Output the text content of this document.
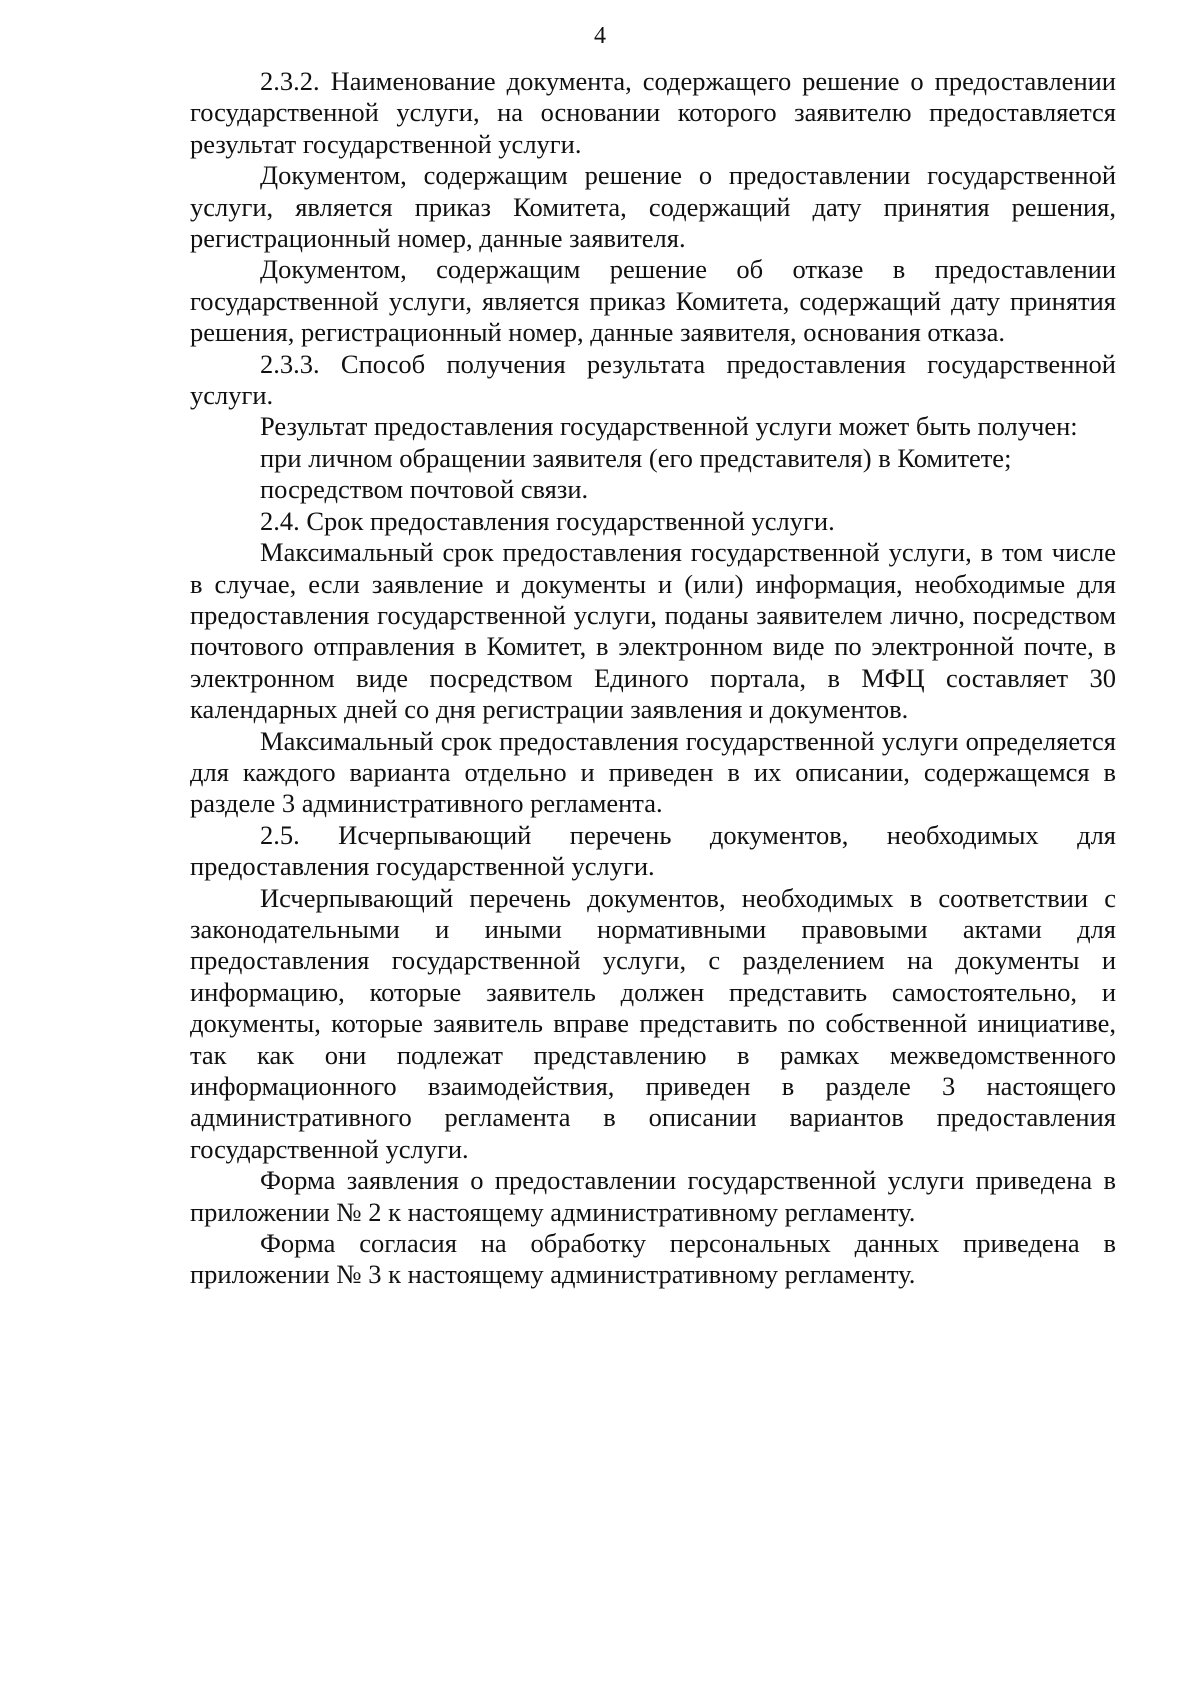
4

2.3.2. Наименование документа, содержащего решение о предоставлении государственной услуги, на основании которого заявителю предоставляется результат государственной услуги.

Документом, содержащим решение о предоставлении государственной услуги, является приказ Комитета, содержащий дату принятия решения, регистрационный номер, данные заявителя.

Документом, содержащим решение об отказе в предоставлении государственной услуги, является приказ Комитета, содержащий дату принятия решения, регистрационный номер, данные заявителя, основания отказа.

2.3.3. Способ получения результата предоставления государственной услуги.

Результат предоставления государственной услуги может быть получен:

при личном обращении заявителя (его представителя) в Комитете;

посредством почтовой связи.

2.4. Срок предоставления государственной услуги.

Максимальный срок предоставления государственной услуги, в том числе в случае, если заявление и документы и (или) информация, необходимые для предоставления государственной услуги, поданы заявителем лично, посредством почтового отправления в Комитет, в электронном виде по электронной почте, в электронном виде посредством Единого портала, в МФЦ составляет 30 календарных дней со дня регистрации заявления и документов.

Максимальный срок предоставления государственной услуги определяется для каждого варианта отдельно и приведен в их описании, содержащемся в разделе 3 административного регламента.

2.5. Исчерпывающий перечень документов, необходимых для предоставления государственной услуги.

Исчерпывающий перечень документов, необходимых в соответствии с законодательными и иными нормативными правовыми актами для предоставления государственной услуги, с разделением на документы и информацию, которые заявитель должен представить самостоятельно, и документы, которые заявитель вправе представить по собственной инициативе, так как они подлежат представлению в рамках межведомственного информационного взаимодействия, приведен в разделе 3 настоящего административного регламента в описании вариантов предоставления государственной услуги.

Форма заявления о предоставлении государственной услуги приведена в приложении № 2 к настоящему административному регламенту.

Форма согласия на обработку персональных данных приведена в приложении № 3 к настоящему административному регламенту.
